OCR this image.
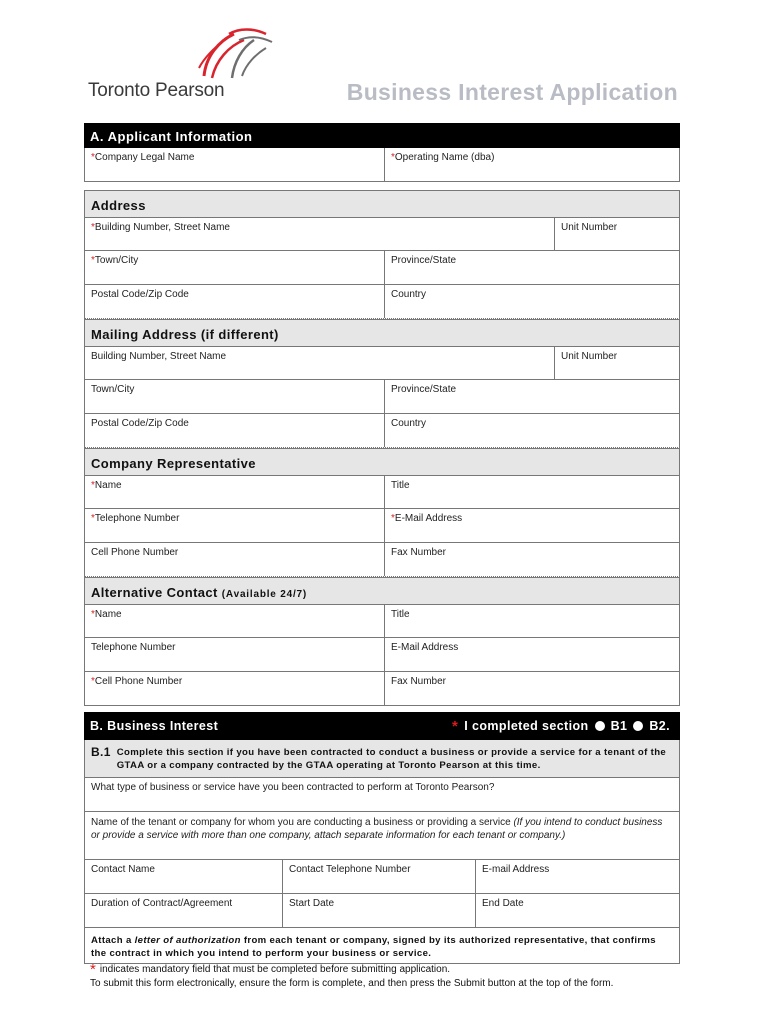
Toronto Pearson	Business Interest Application
A. Applicant Information
*Company Legal Name	*Operating Name (dba)
Address
*Building Number, Street Name	Unit Number
*Town/City	Province/State
Postal Code/Zip Code	Country
Mailing Address (if different)
Building Number, Street Name	Unit Number
Town/City	Province/State
Postal Code/Zip Code	Country
Company Representative
*Name	Title
*Telephone Number	*E-Mail Address
Cell Phone Number	Fax Number
Alternative Contact (Available 24/7)
*Name	Title
Telephone Number	E-Mail Address
*Cell Phone Number	Fax Number
B. Business Interest	* I completed section B1 B2.
B.1 Complete this section if you have been contracted to conduct a business or provide a service for a tenant of the GTAA or a company contracted by the GTAA operating at Toronto Pearson at this time.
What type of business or service have you been contracted to perform at Toronto Pearson?
Name of the tenant or company for whom you are conducting a business or providing a service (If you intend to conduct business or provide a service with more than one company, attach separate information for each tenant or company.)
Contact Name	Contact Telephone Number	E-mail Address
Duration of Contract/Agreement	Start Date	End Date
Attach a letter of authorization from each tenant or company, signed by its authorized representative, that confirms the contract in which you intend to perform your business or service.
* indicates mandatory field that must be completed before submitting application.
To submit this form electronically, ensure the form is complete, and then press the Submit button at the top of the form.
